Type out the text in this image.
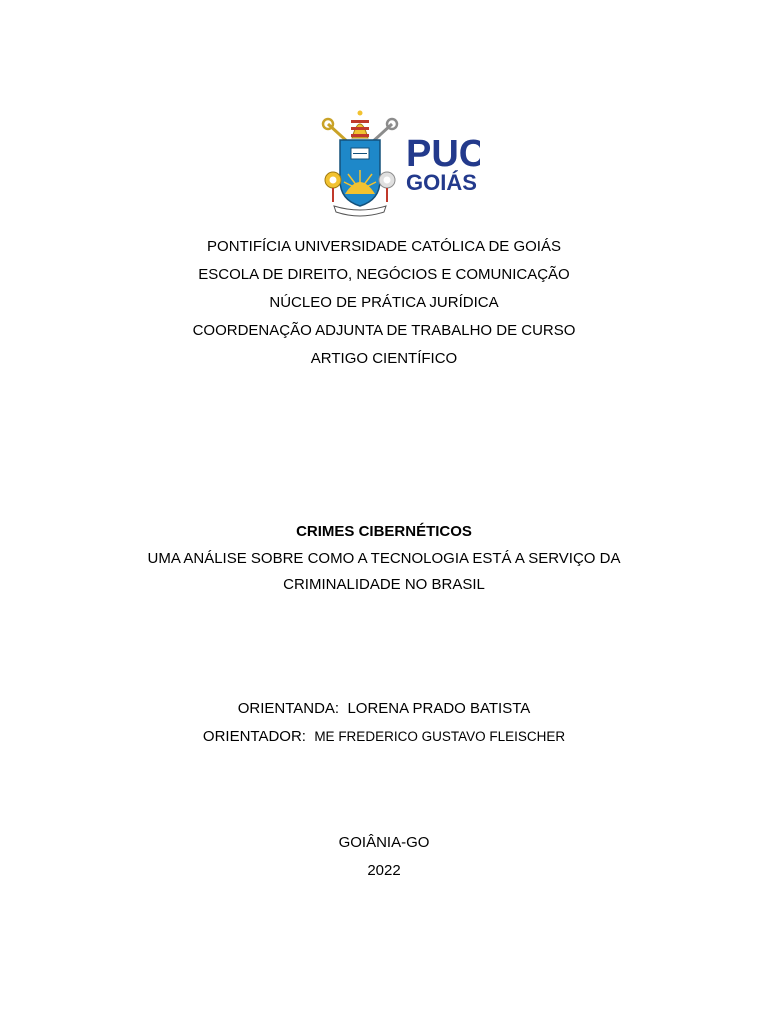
PUC
GOIÁS
PONTIFÍCIA UNIVERSIDADE CATÓLICA DE GOIÁS
ESCOLA DE DIREITO, NEGÓCIOS E COMUNICAÇÃO
NÚCLEO DE PRÁTICA JURÍDICA
COORDENAÇÃO ADJUNTA DE TRABALHO DE CURSO
ARTIGO CIENTÍFICO
CRIMES CIBERNÉTICOS
UMA ANÁLISE SOBRE COMO A TECNOLOGIA ESTÁ A SERVIÇO DA
CRIMINALIDADE NO BRASIL
ORIENTANDA: LORENA PRADO BATISTA
ORIENTADOR: ME FREDERICO GUSTAVO FLEISCHER
GOIÂNIA-GO
2022
